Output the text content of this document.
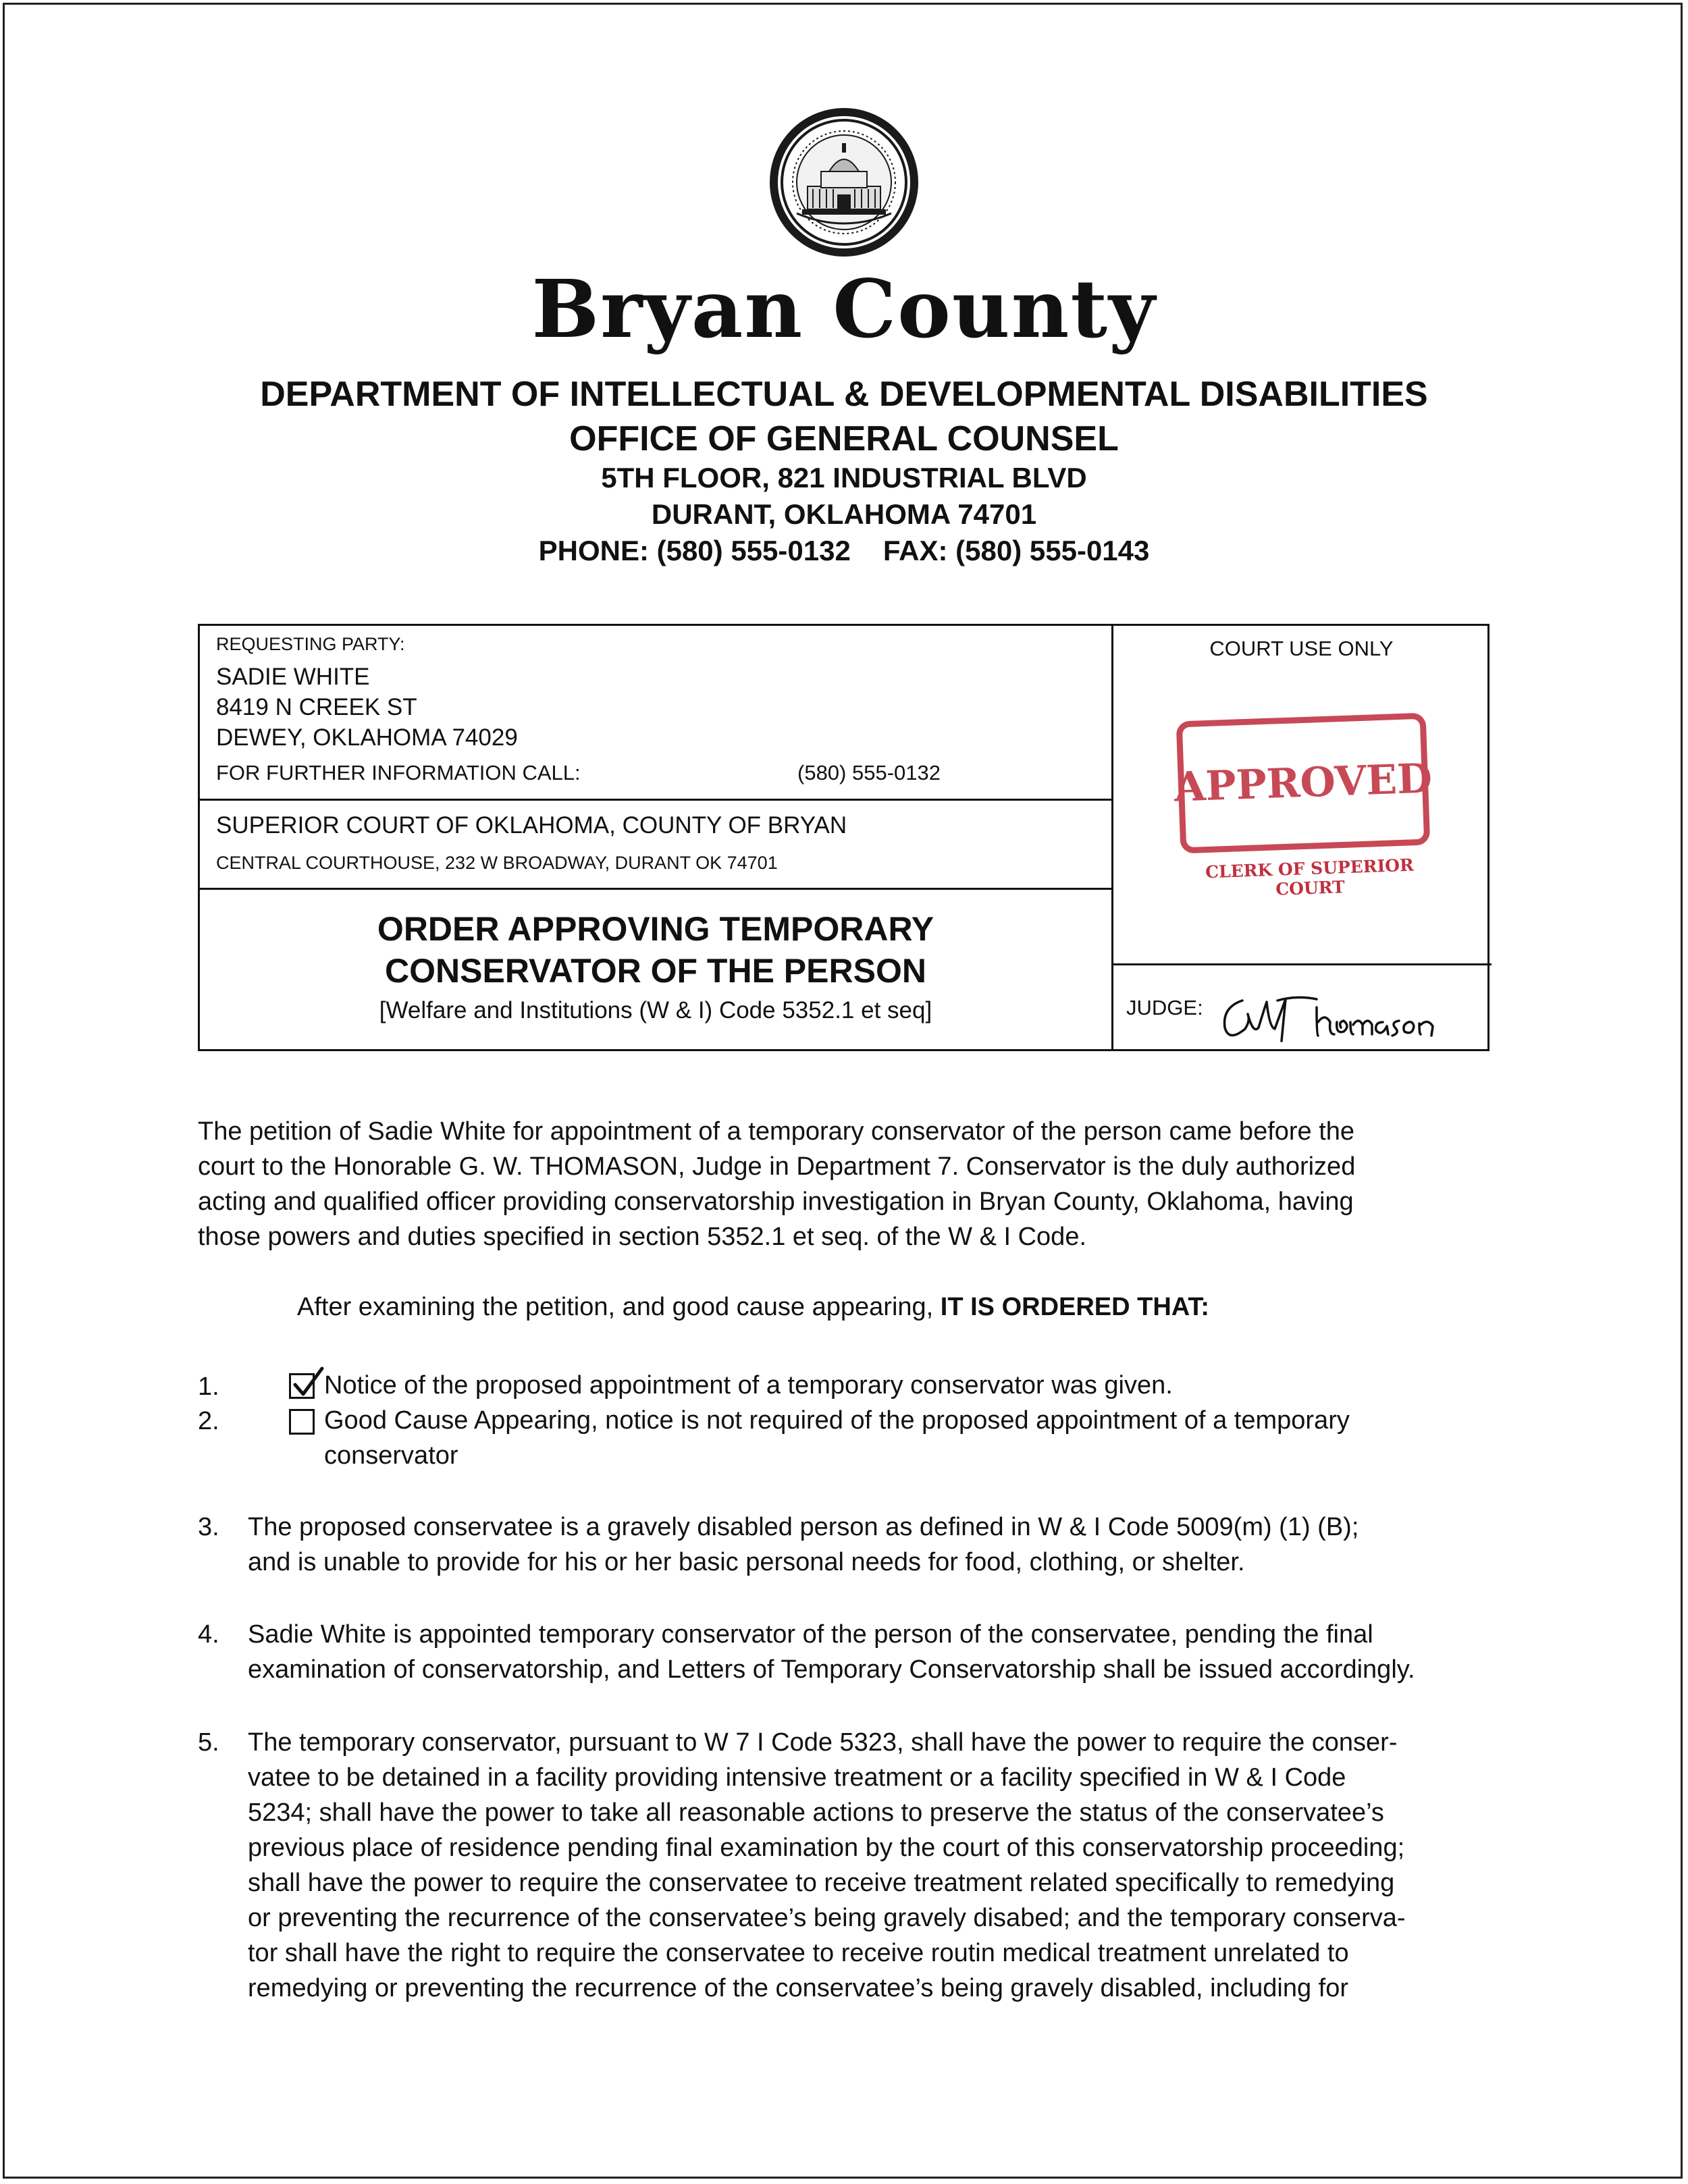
Bryan County
DEPARTMENT OF INTELLECTUAL & DEVELOPMENTAL DISABILITIES
OFFICE OF GENERAL COUNSEL
5TH FLOOR, 821 INDUSTRIAL BLVD
DURANT, OKLAHOMA 74701
PHONE: (580) 555-0132 FAX: (580) 555-0143
REQUESTING PARTY:
SADIE WHITE
8419 N CREEK ST
DEWEY, OKLAHOMA 74029
FOR FURTHER INFORMATION CALL:	(580) 555-0132
SUPERIOR COURT OF OKLAHOMA, COUNTY OF BRYAN
CENTRAL COURTHOUSE, 232 W BROADWAY, DURANT OK 74701
ORDER APPROVING TEMPORARY
CONSERVATOR OF THE PERSON
[Welfare and Institutions (W & I) Code 5352.1 et seq]
COURT USE ONLY
JUDGE:
APPROVED
CLERK OF SUPERIOR COURT
The petition of Sadie White for appointment of a temporary conservator of the person came before the
court to the Honorable G. W. THOMASON, Judge in Department 7. Conservator is the duly authorized
acting and qualified officer providing conservatorship investigation in Bryan County, Oklahoma, having
those powers and duties specified in section 5352.1 et seq. of the W & I Code.
After examining the petition, and good cause appearing, IT IS ORDERED THAT:
1.	Notice of the proposed appointment of a temporary conservator was given.
2.	Good Cause Appearing, notice is not required of the proposed appointment of a temporary
conservator
3. The proposed conservatee is a gravely disabled person as defined in W & I Code 5009(m) (1) (B);
and is unable to provide for his or her basic personal needs for food, clothing, or shelter.
4. Sadie White is appointed temporary conservator of the person of the conservatee, pending the final
examination of conservatorship, and Letters of Temporary Conservatorship shall be issued accordingly.
5. The temporary conservator, pursuant to W 7 I Code 5323, shall have the power to require the conser-
vatee to be detained in a facility providing intensive treatment or a facility specified in W & I Code
5234; shall have the power to take all reasonable actions to preserve the status of the conservatee’s
previous place of residence pending final examination by the court of this conservatorship proceeding;
shall have the power to require the conservatee to receive treatment related specifically to remedying
or preventing the recurrence of the conservatee’s being gravely disabed; and the temporary conserva-
tor shall have the right to require the conservatee to receive routin medical treatment unrelated to
remedying or preventing the recurrence of the conservatee’s being gravely disabled, including for
